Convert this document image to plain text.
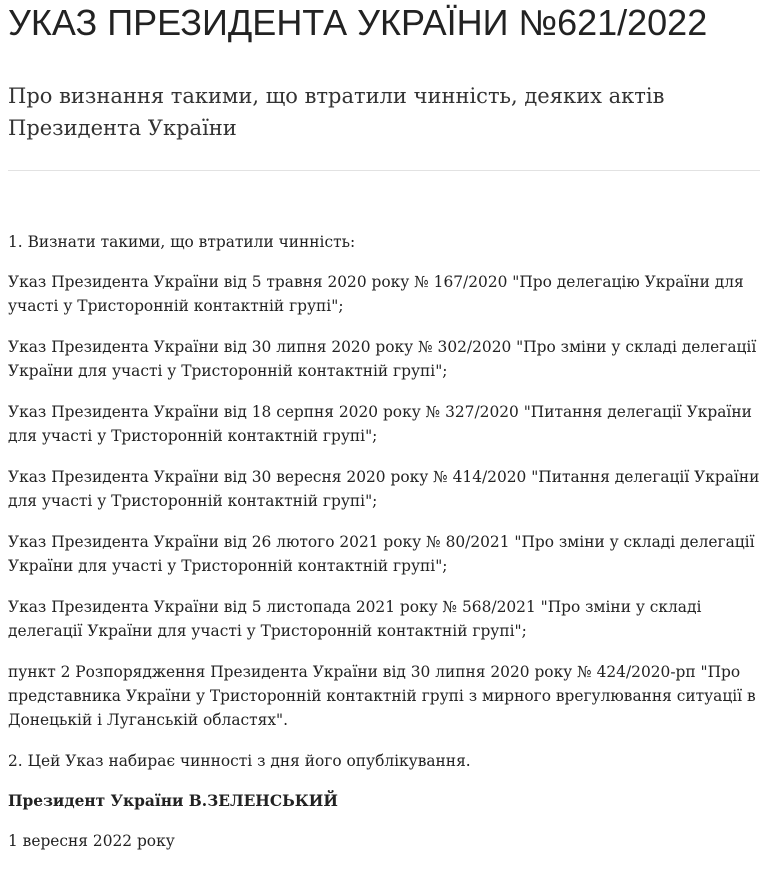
УКАЗ ПРЕЗИДЕНТА УКРАЇНИ №621/2022

Про визнання такими, що втратили чинність, деяких актів Президента України

1. Визнати такими, що втратили чинність:

Указ Президента України від 5 травня 2020 року № 167/2020 "Про делегацію України для участі у Тристоронній контактній групі";

Указ Президента України від 30 липня 2020 року № 302/2020 "Про зміни у складі делегації України для участі у Тристоронній контактній групі";

Указ Президента України від 18 серпня 2020 року № 327/2020 "Питання делегації України для участі у Тристоронній контактній групі";

Указ Президента України від 30 вересня 2020 року № 414/2020 "Питання делегації України для участі у Тристоронній контактній групі";

Указ Президента України від 26 лютого 2021 року № 80/2021 "Про зміни у складі делегації України для участі у Тристоронній контактній групі";

Указ Президента України від 5 листопада 2021 року № 568/2021 "Про зміни у складі делегації України для участі у Тристоронній контактній групі";

пункт 2 Розпорядження Президента України від 30 липня 2020 року № 424/2020-рп "Про представника України у Тристоронній контактній групі з мирного врегулювання ситуації в Донецькій і Луганській областях".

2. Цей Указ набирає чинності з дня його опублікування.

Президент України В.ЗЕЛЕНСЬКИЙ

1 вересня 2022 року
